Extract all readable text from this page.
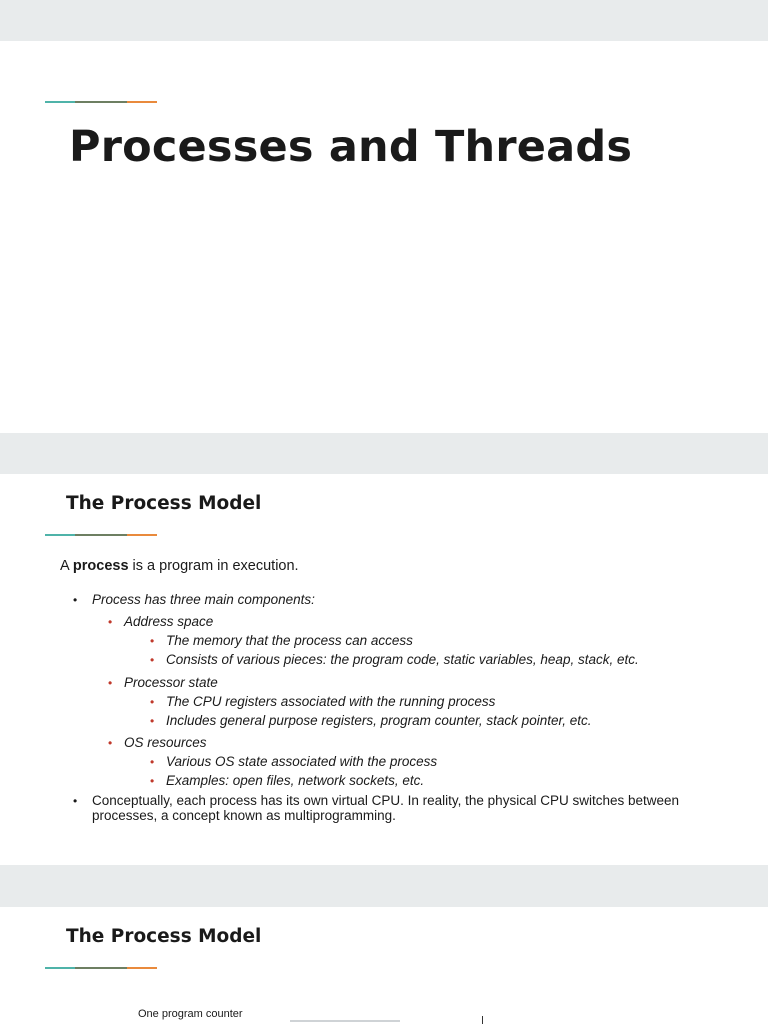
Processes and Threads
The Process Model

A process is a program in execution.

• Process has three main components:
• Address space
• The memory that the process can access
• Consists of various pieces: the program code, static variables, heap, stack, etc.
• Processor state
• The CPU registers associated with the running process
• Includes general purpose registers, program counter, stack pointer, etc.
• OS resources
• Various OS state associated with the process
• Examples: open files, network sockets, etc.
• Conceptually, each process has its own virtual CPU. In reality, the physical CPU switches between
processes, a concept known as multiprogramming.
The Process Model

One program counter
